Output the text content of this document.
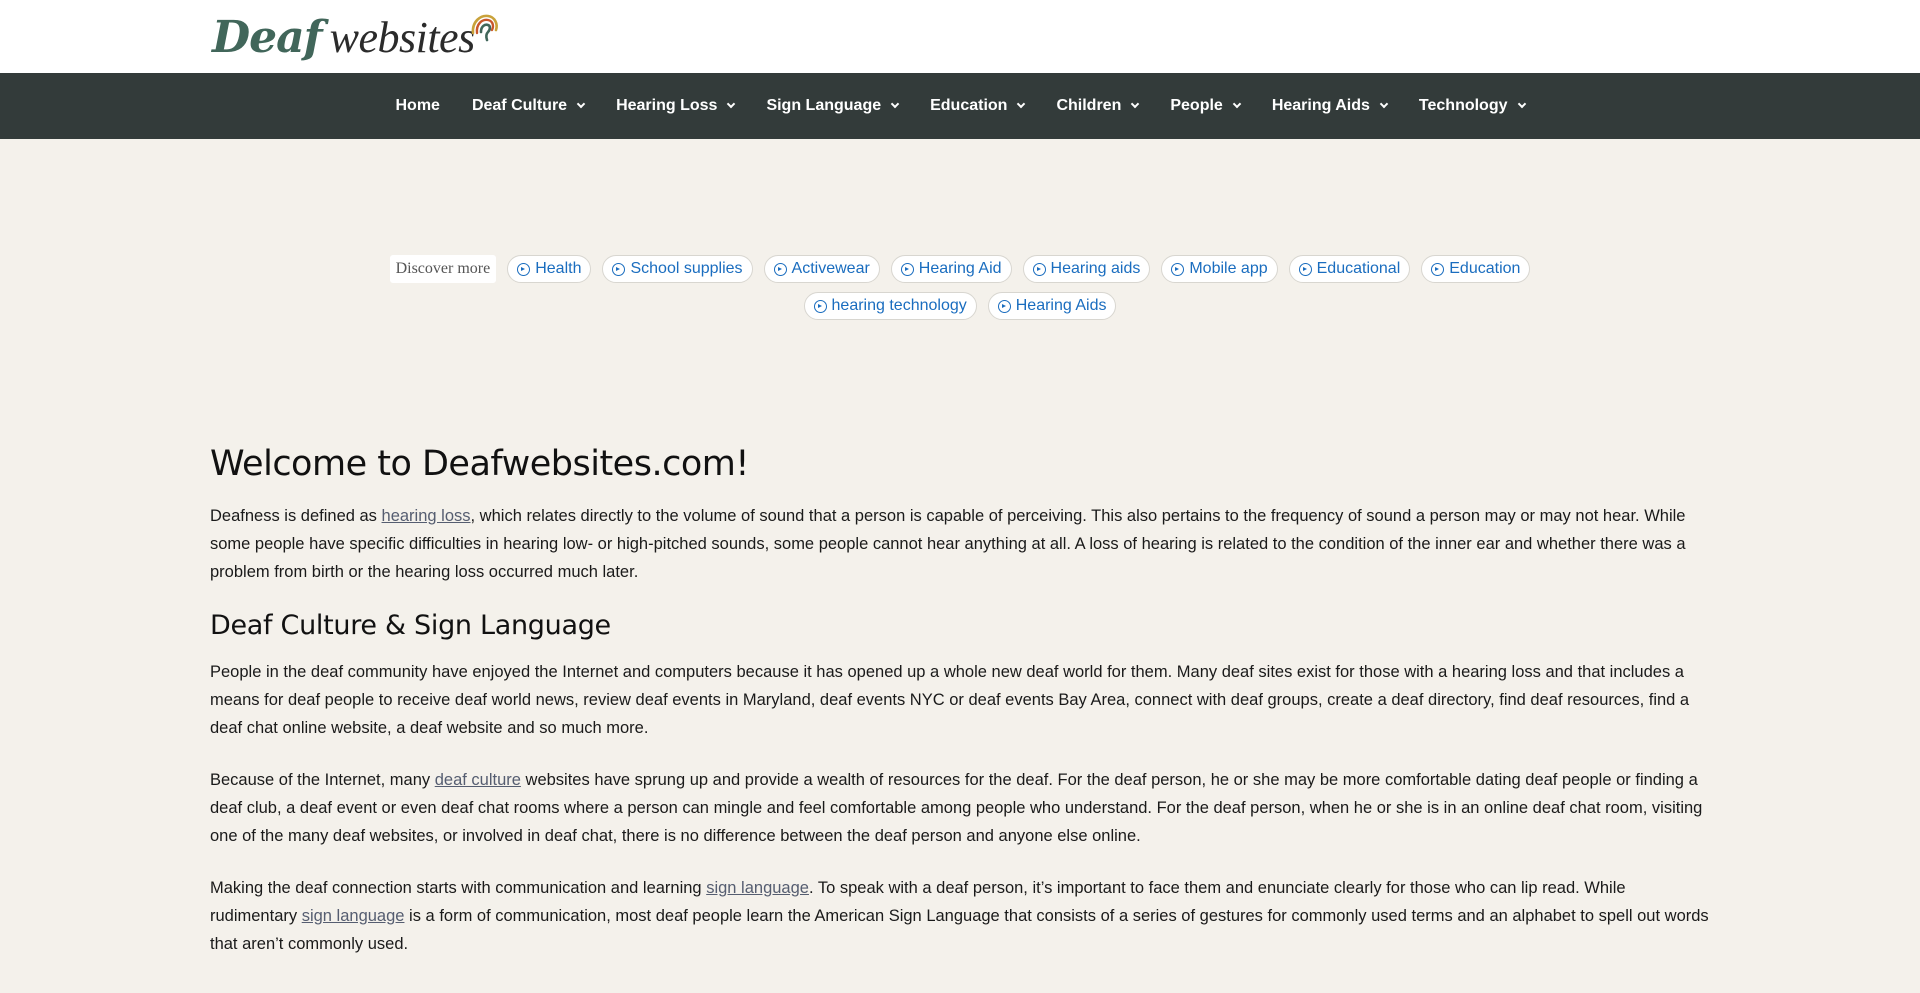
Deaf websites
Home Deaf Culture	Hearing Loss	Sign Language	Education	Children	People	Hearing Aids	Technology
Discover more	Health	School supplies	Activewear	Hearing Aid	Hearing aids	Mobile app	Educational	Education
hearing technology	Hearing Aids
Welcome to Deafwebsites.com!

Deafness is defined as hearing loss, which relates directly to the volume of sound that a person is capable of perceiving. This also pertains to the frequency of sound a person may or may not hear. While some people have specific difficulties in hearing low- or high-pitched sounds, some people cannot hear anything at all. A loss of hearing is related to the condition of the inner ear and whether there was a problem from birth or the hearing loss occurred much later.

Deaf Culture & Sign Language

People in the deaf community have enjoyed the Internet and computers because it has opened up a whole new deaf world for them. Many deaf sites exist for those with a hearing loss and that includes a means for deaf people to receive deaf world news, review deaf events in Maryland, deaf events NYC or deaf events Bay Area, connect with deaf groups, create a deaf directory, find deaf resources, find a deaf chat online website, a deaf website and so much more.

Because of the Internet, many deaf culture websites have sprung up and provide a wealth of resources for the deaf. For the deaf person, he or she may be more comfortable dating deaf people or finding a deaf club, a deaf event or even deaf chat rooms where a person can mingle and feel comfortable among people who understand. For the deaf person, when he or she is in an online deaf chat room, visiting one of the many deaf websites, or involved in deaf chat, there is no difference between the deaf person and anyone else online.

Making the deaf connection starts with communication and learning sign language. To speak with a deaf person, it’s important to face them and enunciate clearly for those who can lip read. While rudimentary sign language is a form of communication, most deaf people learn the American Sign Language that consists of a series of gestures for commonly used terms and an alphabet to spell out words that aren’t commonly used.
